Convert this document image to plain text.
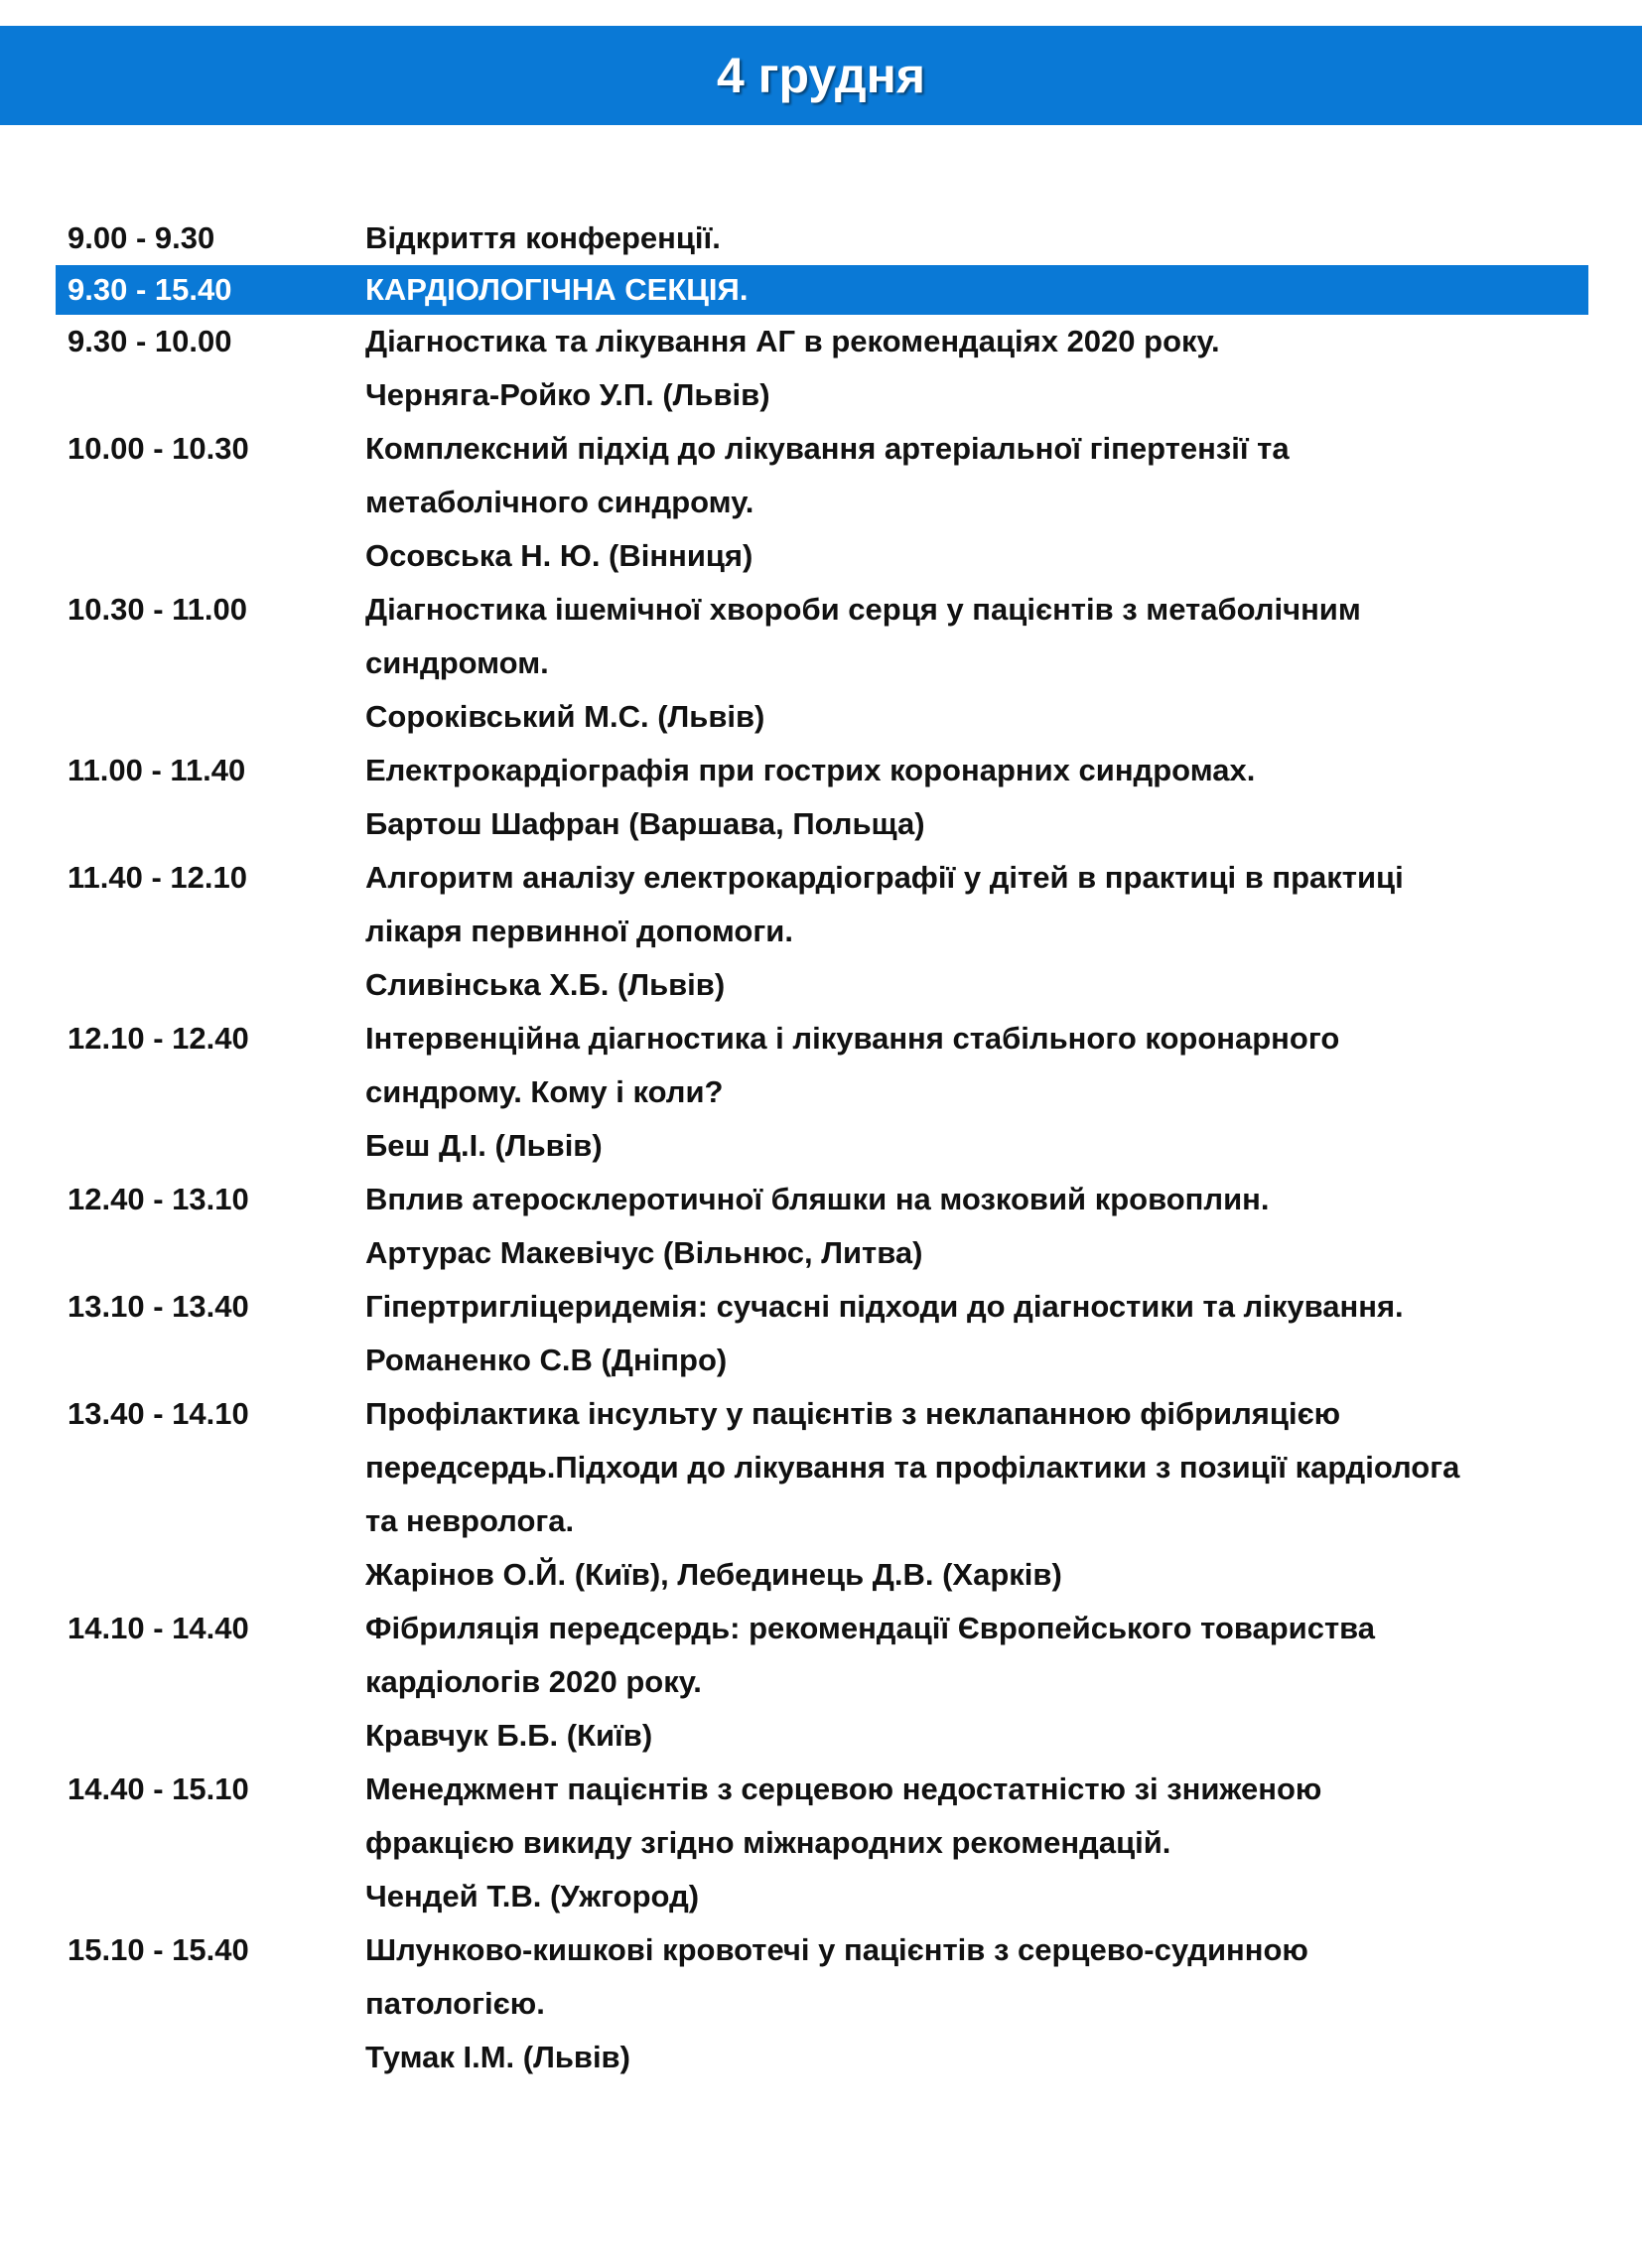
4 грудня
9.00 - 9.30	Відкриття конференції.
9.30 - 15.40	КАРДІОЛОГІЧНА СЕКЦІЯ.
9.30 - 10.00	Діагностика та лікування АГ в рекомендаціях 2020 року.
Черняга-Ройко У.П. (Львів)
10.00 - 10.30	Комплексний підхід до лікування артеріальної гіпертензії та
метаболічного синдрому.
Осовська Н. Ю. (Вінниця)
10.30 - 11.00	Діагностика ішемічної хвороби серця у пацієнтів з метаболічним
синдромом.
Сороківський М.С. (Львів)
11.00 - 11.40	Електрокардіографія при гострих коронарних синдромах.
Бартош Шафран (Варшава, Польща)
11.40 - 12.10	Алгоритм аналізу електрокардіографії у дітей в практиці в практиці
лікаря первинної допомоги.
Сливінська Х.Б. (Львів)
12.10 - 12.40	Інтервенційна діагностика і лікування стабільного коронарного
синдрому. Кому і коли?
Беш Д.І. (Львів)
12.40 - 13.10	Вплив атеросклеротичної бляшки на мозковий кровоплин.
Артурас Макевічус (Вільнюс, Литва)
13.10 - 13.40	Гіпертригліцеридемія: сучасні підходи до діагностики та лікування.
Романенко С.В (Дніпро)
13.40 - 14.10	Профілактика інсульту у пацієнтів з неклапанною фібриляцією
передсердь.Підходи до лікування та профілактики з позиції кардіолога
та невролога.
Жарінов О.Й. (Київ), Лебединець Д.В. (Харків)
14.10 - 14.40	Фібриляція передсердь: рекомендації Європейського товариства
кардіологів 2020 року.
Кравчук Б.Б. (Київ)
14.40 - 15.10	Менеджмент пацієнтів з серцевою недостатністю зі зниженою
фракцією викиду згідно міжнародних рекомендацій.
Чендей Т.В. (Ужгород)
15.10 - 15.40	Шлунково-кишкові кровотечі у пацієнтів з серцево-судинною
патологією.
Тумак І.М. (Львів)
